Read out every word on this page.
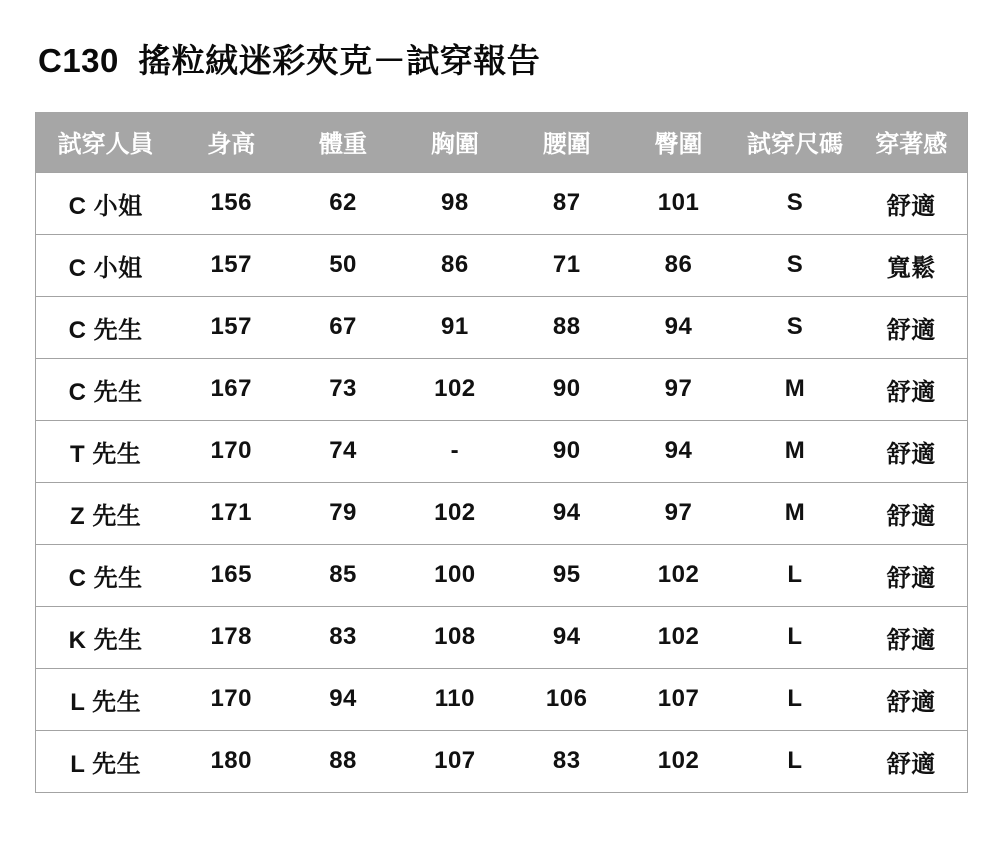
C130  搖粒絨迷彩夾克－試穿報告
試穿人員	身高	體重	胸圍	腰圍	臀圍	試穿尺碼	穿著感
C 小姐	156	62	98	87	101	S	舒適
C 小姐	157	50	86	71	86	S	寬鬆
C 先生	157	67	91	88	94	S	舒適
C 先生	167	73	102	90	97	M	舒適
T 先生	170	74	-	90	94	M	舒適
Z 先生	171	79	102	94	97	M	舒適
C 先生	165	85	100	95	102	L	舒適
K 先生	178	83	108	94	102	L	舒適
L 先生	170	94	110	106	107	L	舒適
L 先生	180	88	107	83	102	L	舒適
